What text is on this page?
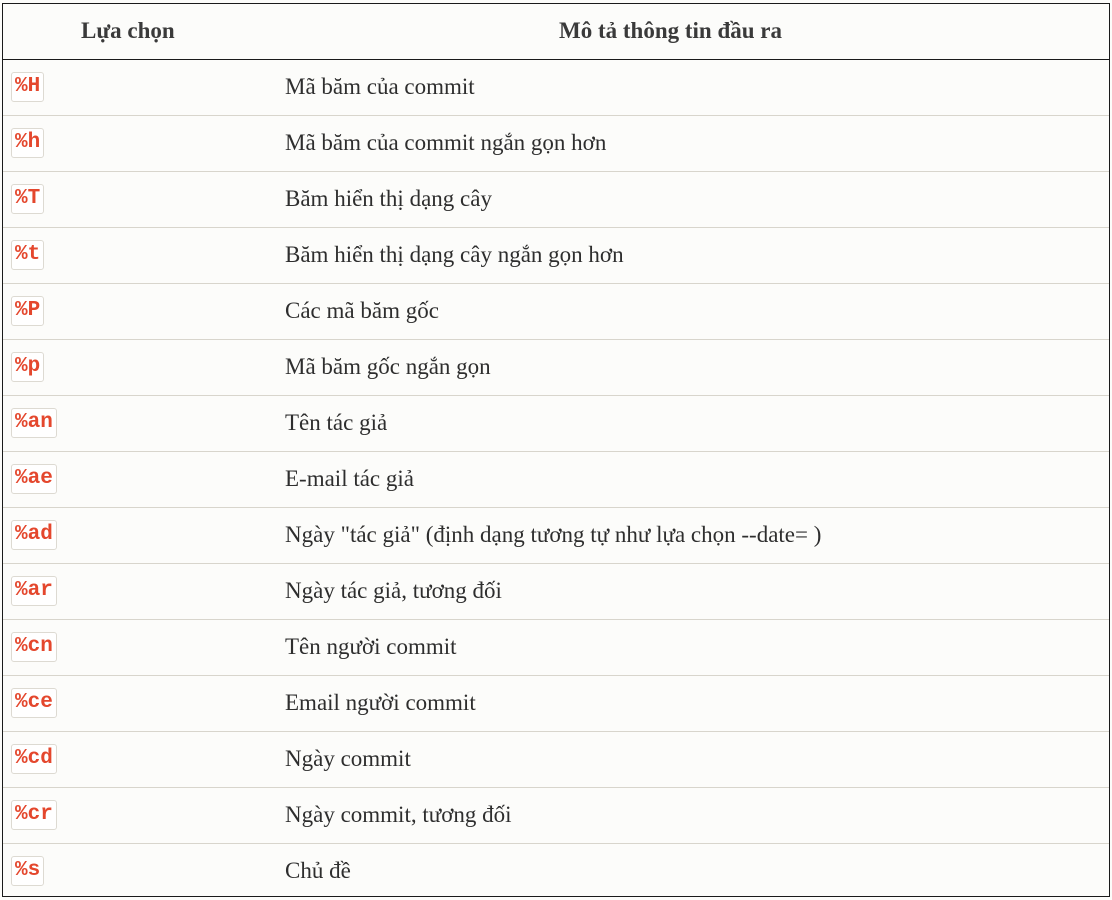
Lựa chọn	Mô tả thông tin đầu ra
%H	Mã băm của commit
%h	Mã băm của commit ngắn gọn hơn
%T	Băm hiển thị dạng cây
%t	Băm hiển thị dạng cây ngắn gọn hơn
%P	Các mã băm gốc
%p	Mã băm gốc ngắn gọn
%an	Tên tác giả
%ae	E-mail tác giả
%ad	Ngày "tác giả" (định dạng tương tự như lựa chọn --date= )
%ar	Ngày tác giả, tương đối
%cn	Tên người commit
%ce	Email người commit
%cd	Ngày commit
%cr	Ngày commit, tương đối
%s	Chủ đề
